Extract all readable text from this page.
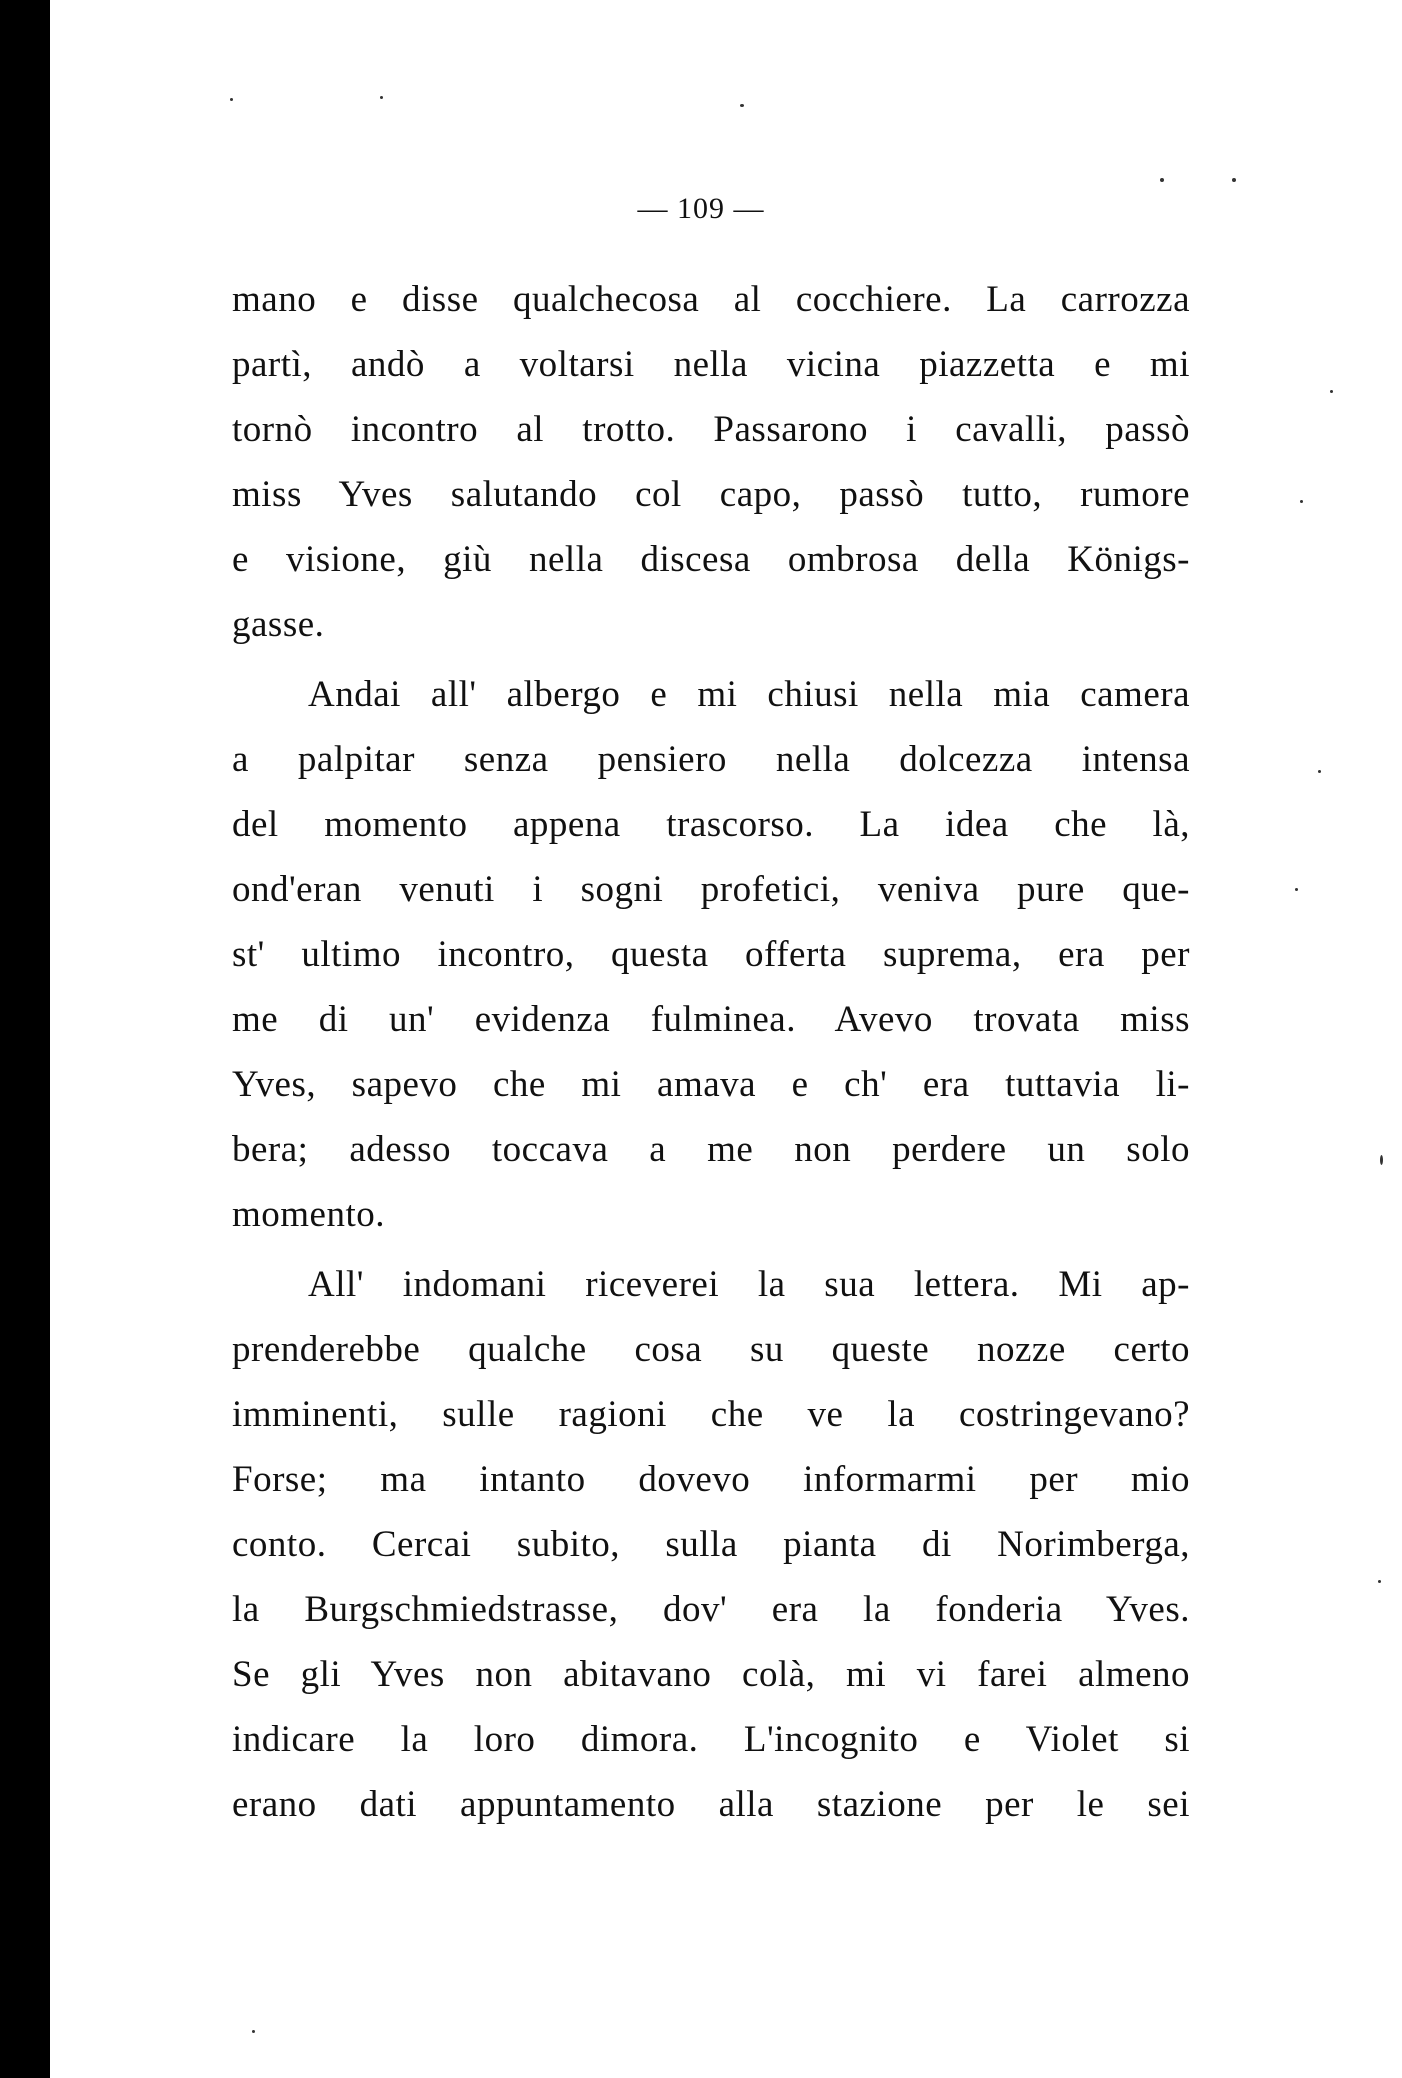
— 109 —
mano e disse qualchecosa al cocchiere. La carrozza
partì, andò a voltarsi nella vicina piazzetta e mi
tornò incontro al trotto. Passarono i cavalli, passò
miss Yves salutando col capo, passò tutto, rumore
e visione, giù nella discesa ombrosa della Königs-
gasse.
Andai all' albergo e mi chiusi nella mia camera
a palpitar senza pensiero nella dolcezza intensa
del momento appena trascorso. La idea che là,
ond'eran venuti i sogni profetici, veniva pure que-
st' ultimo incontro, questa offerta suprema, era per
me di un' evidenza fulminea. Avevo trovata miss
Yves, sapevo che mi amava e ch' era tuttavia li-
bera; adesso toccava a me non perdere un solo
momento.
All' indomani riceverei la sua lettera. Mi ap-
prenderebbe qualche cosa su queste nozze certo
imminenti, sulle ragioni che ve la costringevano?
Forse; ma intanto dovevo informarmi per mio
conto. Cercai subito, sulla pianta di Norimberga,
la Burgschmiedstrasse, dov' era la fonderia Yves.
Se gli Yves non abitavano colà, mi vi farei almeno
indicare la loro dimora. L'incognito e Violet si
erano dati appuntamento alla stazione per le sei
